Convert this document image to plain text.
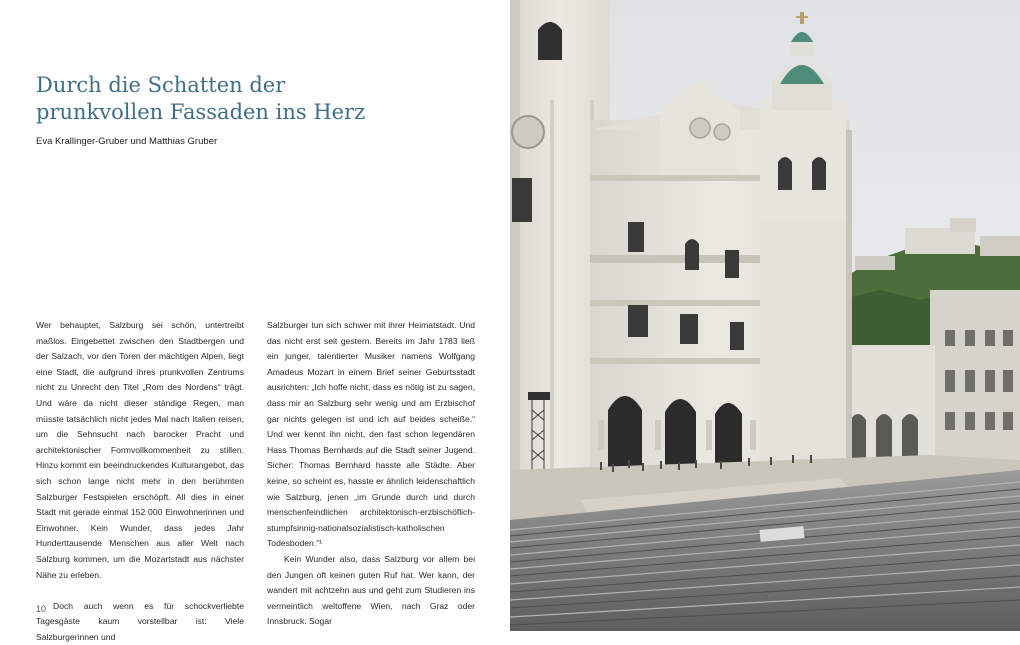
Durch die Schatten der
prunkvollen Fassaden ins Herz
Eva Krallinger-Gruber und Matthias Gruber

Wer behauptet, Salzburg sei schön, untertreibt maßlos. Eingebettet zwischen den Stadtbergen und der Salzach, vor den Toren der mächtigen Alpen, liegt eine Stadt, die aufgrund ihres prunkvollen Zentrums nicht zu Unrecht den Titel „Rom des Nordens“ trägt. Und wäre da nicht dieser ständige Regen, man müsste tatsächlich nicht jedes Mal nach Italien reisen, um die Sehnsucht nach barocker Pracht und architektonischer Formvollkommenheit zu stillen. Hinzu kommt ein beeindruckendes Kulturangebot, das sich schon lange nicht mehr in den berühmten Salzburger Festspielen erschöpft. All dies in einer Stadt mit gerade einmal 152 000 Einwohnerinnen und Einwohner. Kein Wunder, dass jedes Jahr Hunderttausende Menschen aus aller Welt nach Salzburg kommen, um die Mozartstadt aus nächster Nähe zu erleben.

Doch auch wenn es für schockverliebte Tagesgäste kaum vorstellbar ist: Viele Salzburgerinnen und

Salzburger tun sich schwer mit ihrer Heimatstadt. Und das nicht erst seit gestern. Bereits im Jahr 1783 ließ ein junger, talentierter Musiker namens Wolfgang Amadeus Mozart in einem Brief seiner Geburtsstadt ausrichten: „Ich hoffe nicht, dass es nötig ist zu sagen, dass mir an Salzburg sehr wenig und am Erzbischof gar nichts gelegen ist und ich auf beides scheiße.“ Und wer kennt ihn nicht, den fast schon legendären Hass Thomas Bernhards auf die Stadt seiner Jugend. Sicher: Thomas Bernhard hasste alle Städte. Aber keine, so scheint es, hasste er ähnlich leidenschaftlich wie Salzburg, jenen „im Grunde durch und durch menschenfeindlichen architektonisch-erzbischöflich-stumpfsinnig-nationalsozialistisch-katholischen Todesboden.“¹

Kein Wunder also, dass Salzburg vor allem bei den Jungen oft keinen guten Ruf hat. Wer kann, der wandert mit achtzehn aus und geht zum Studieren ins vermeintlich weltoffene Wien, nach Graz oder Innsbruck. Sogar

10
